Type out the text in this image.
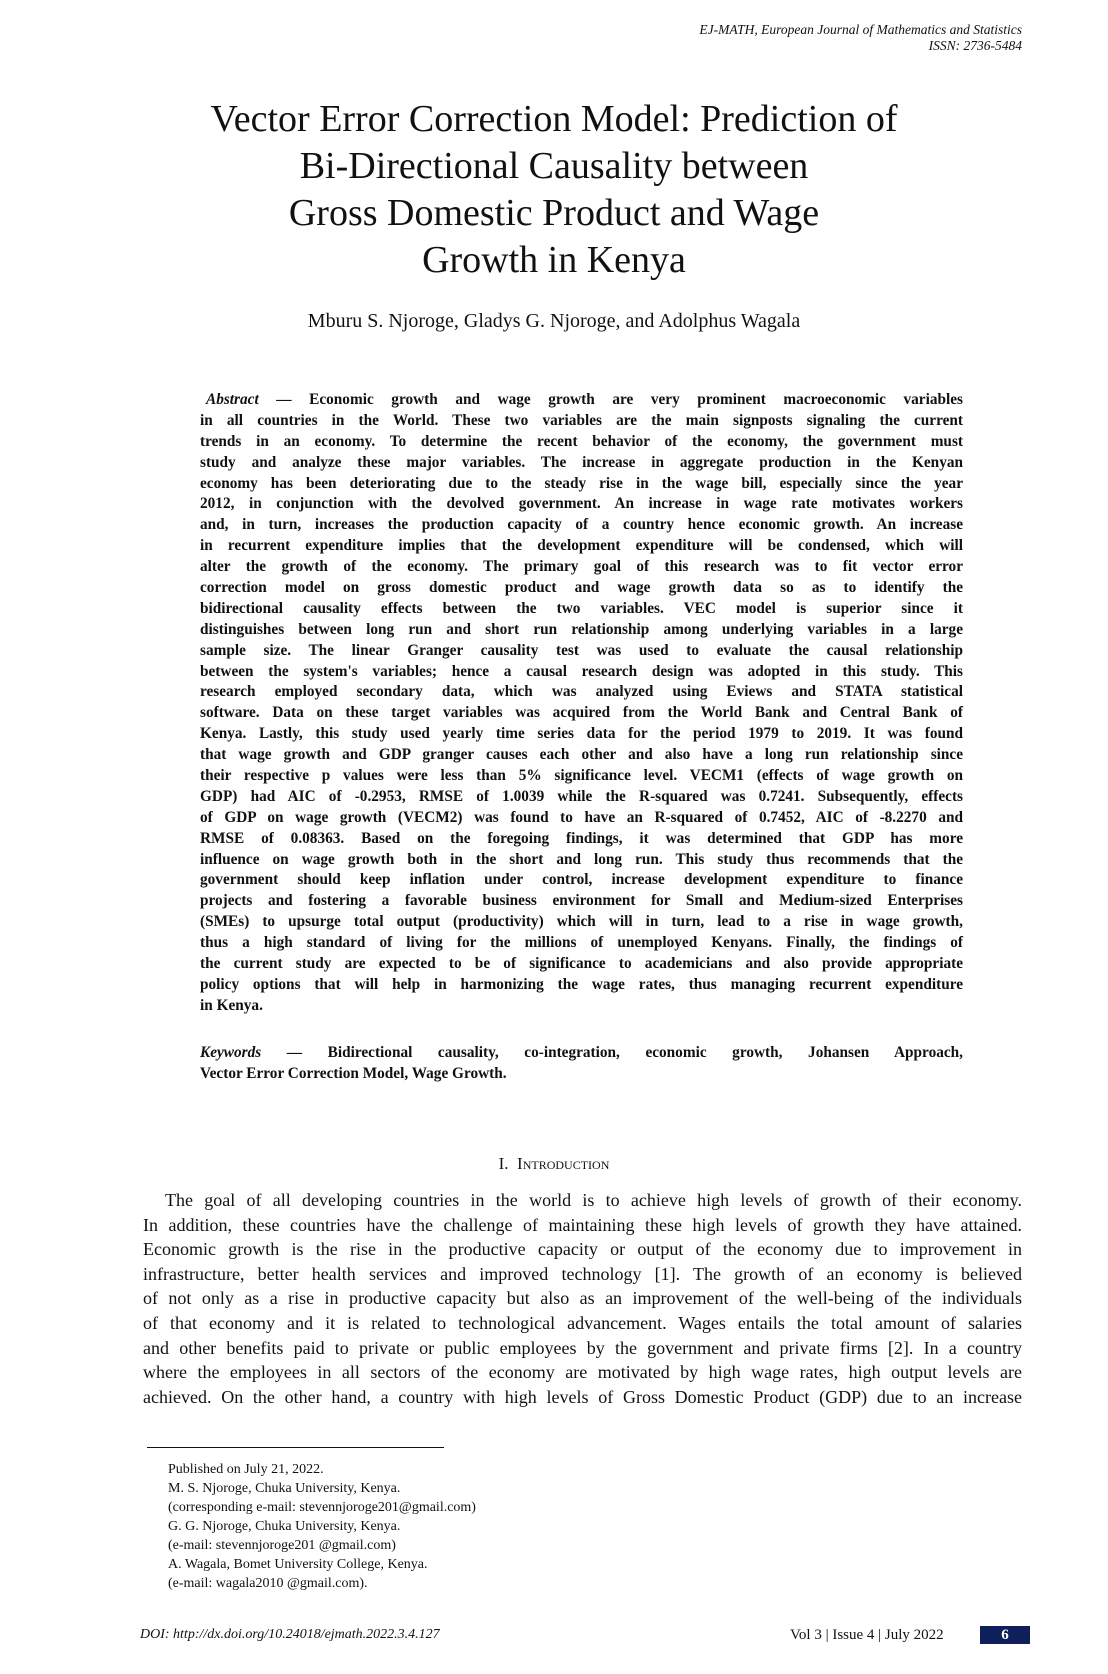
EJ-MATH, European Journal of Mathematics and Statistics
ISSN: 2736-5484
Vector Error Correction Model: Prediction of
Bi-Directional Causality between
Gross Domestic Product and Wage
Growth in Kenya
Mburu S. Njoroge, Gladys G. Njoroge, and Adolphus Wagala
Abstract — Economic growth and wage growth are very prominent macroeconomic variables
in all countries in the World. These two variables are the main signposts signaling the current
trends in an economy. To determine the recent behavior of the economy, the government must
study and analyze these major variables. The increase in aggregate production in the Kenyan
economy has been deteriorating due to the steady rise in the wage bill, especially since the year
2012, in conjunction with the devolved government. An increase in wage rate motivates workers
and, in turn, increases the production capacity of a country hence economic growth. An increase
in recurrent expenditure implies that the development expenditure will be condensed, which will
alter the growth of the economy. The primary goal of this research was to fit vector error
correction model on gross domestic product and wage growth data so as to identify the
bidirectional causality effects between the two variables. VEC model is superior since it
distinguishes between long run and short run relationship among underlying variables in a large
sample size. The linear Granger causality test was used to evaluate the causal relationship
between the system's variables; hence a causal research design was adopted in this study. This
research employed secondary data, which was analyzed using Eviews and STATA statistical
software. Data on these target variables was acquired from the World Bank and Central Bank of
Kenya. Lastly, this study used yearly time series data for the period 1979 to 2019. It was found
that wage growth and GDP granger causes each other and also have a long run relationship since
their respective p values were less than 5% significance level. VECM1 (effects of wage growth on
GDP) had AIC of -0.2953, RMSE of 1.0039 while the R-squared was 0.7241. Subsequently, effects
of GDP on wage growth (VECM2) was found to have an R-squared of 0.7452, AIC of -8.2270 and
RMSE of 0.08363. Based on the foregoing findings, it was determined that GDP has more
influence on wage growth both in the short and long run. This study thus recommends that the
government should keep inflation under control, increase development expenditure to finance
projects and fostering a favorable business environment for Small and Medium-sized Enterprises
(SMEs) to upsurge total output (productivity) which will in turn, lead to a rise in wage growth,
thus a high standard of living for the millions of unemployed Kenyans. Finally, the findings of
the current study are expected to be of significance to academicians and also provide appropriate
policy options that will help in harmonizing the wage rates, thus managing recurrent expenditure
in Kenya.
Keywords — Bidirectional causality, co-integration, economic growth, Johansen Approach,
Vector Error Correction Model, Wage Growth.
I. Introduction
The goal of all developing countries in the world is to achieve high levels of growth of their economy.
In addition, these countries have the challenge of maintaining these high levels of growth they have attained.
Economic growth is the rise in the productive capacity or output of the economy due to improvement in
infrastructure, better health services and improved technology [1]. The growth of an economy is believed
of not only as a rise in productive capacity but also as an improvement of the well-being of the individuals
of that economy and it is related to technological advancement. Wages entails the total amount of salaries
and other benefits paid to private or public employees by the government and private firms [2]. In a country
where the employees in all sectors of the economy are motivated by high wage rates, high output levels are
achieved. On the other hand, a country with high levels of Gross Domestic Product (GDP) due to an increase
Published on July 21, 2022.
M. S. Njoroge, Chuka University, Kenya.
(corresponding e-mail: stevennjoroge201@gmail.com)
G. G. Njoroge, Chuka University, Kenya.
(e-mail: stevennjoroge201 @gmail.com)
A. Wagala, Bomet University College, Kenya.
(e-mail: wagala2010 @gmail.com).
DOI: http://dx.doi.org/10.24018/ejmath.2022.3.4.127	Vol 3 | Issue 4 | July 2022	6
